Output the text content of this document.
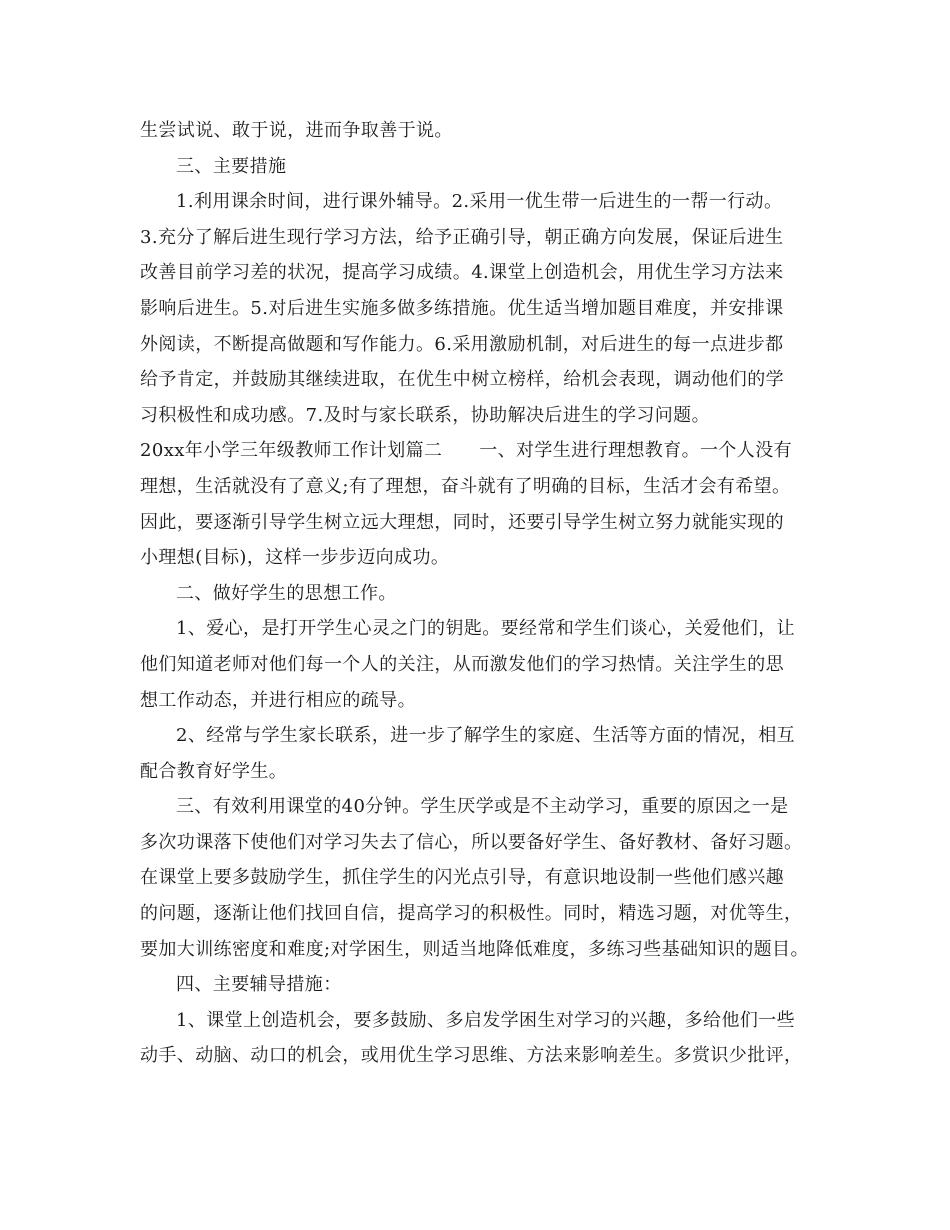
生尝试说、敢于说，进而争取善于说。
三、主要措施
1.利用课余时间，进行课外辅导。2.采用一优生带一后进生的一帮一行动。
3.充分了解后进生现行学习方法，给予正确引导，朝正确方向发展，保证后进生
改善目前学习差的状况，提高学习成绩。4.课堂上创造机会，用优生学习方法来
影响后进生。5.对后进生实施多做多练措施。优生适当增加题目难度，并安排课
外阅读，不断提高做题和写作能力。6.采用激励机制，对后进生的每一点进步都
给予肯定，并鼓励其继续进取，在优生中树立榜样，给机会表现，调动他们的学
习积极性和成功感。7.及时与家长联系，协助解决后进生的学习问题。
20xx年小学三年级教师工作计划篇二　　一、对学生进行理想教育。一个人没有
理想，生活就没有了意义;有了理想，奋斗就有了明确的目标，生活才会有希望。
因此，要逐渐引导学生树立远大理想，同时，还要引导学生树立努力就能实现的
小理想(目标)，这样一步步迈向成功。
二、做好学生的思想工作。
1、爱心，是打开学生心灵之门的钥匙。要经常和学生们谈心，关爱他们，让
他们知道老师对他们每一个人的关注，从而激发他们的学习热情。关注学生的思
想工作动态，并进行相应的疏导。
2、经常与学生家长联系，进一步了解学生的家庭、生活等方面的情况，相互
配合教育好学生。
三、有效利用课堂的40分钟。学生厌学或是不主动学习，重要的原因之一是
多次功课落下使他们对学习失去了信心，所以要备好学生、备好教材、备好习题。
在课堂上要多鼓励学生，抓住学生的闪光点引导，有意识地设制一些他们感兴趣
的问题，逐渐让他们找回自信，提高学习的积极性。同时，精选习题，对优等生，
要加大训练密度和难度;对学困生，则适当地降低难度，多练习些基础知识的题目。
四、主要辅导措施：
1、课堂上创造机会，要多鼓励、多启发学困生对学习的兴趣，多给他们一些
动手、动脑、动口的机会，或用优生学习思维、方法来影响差生。多赏识少批评，
